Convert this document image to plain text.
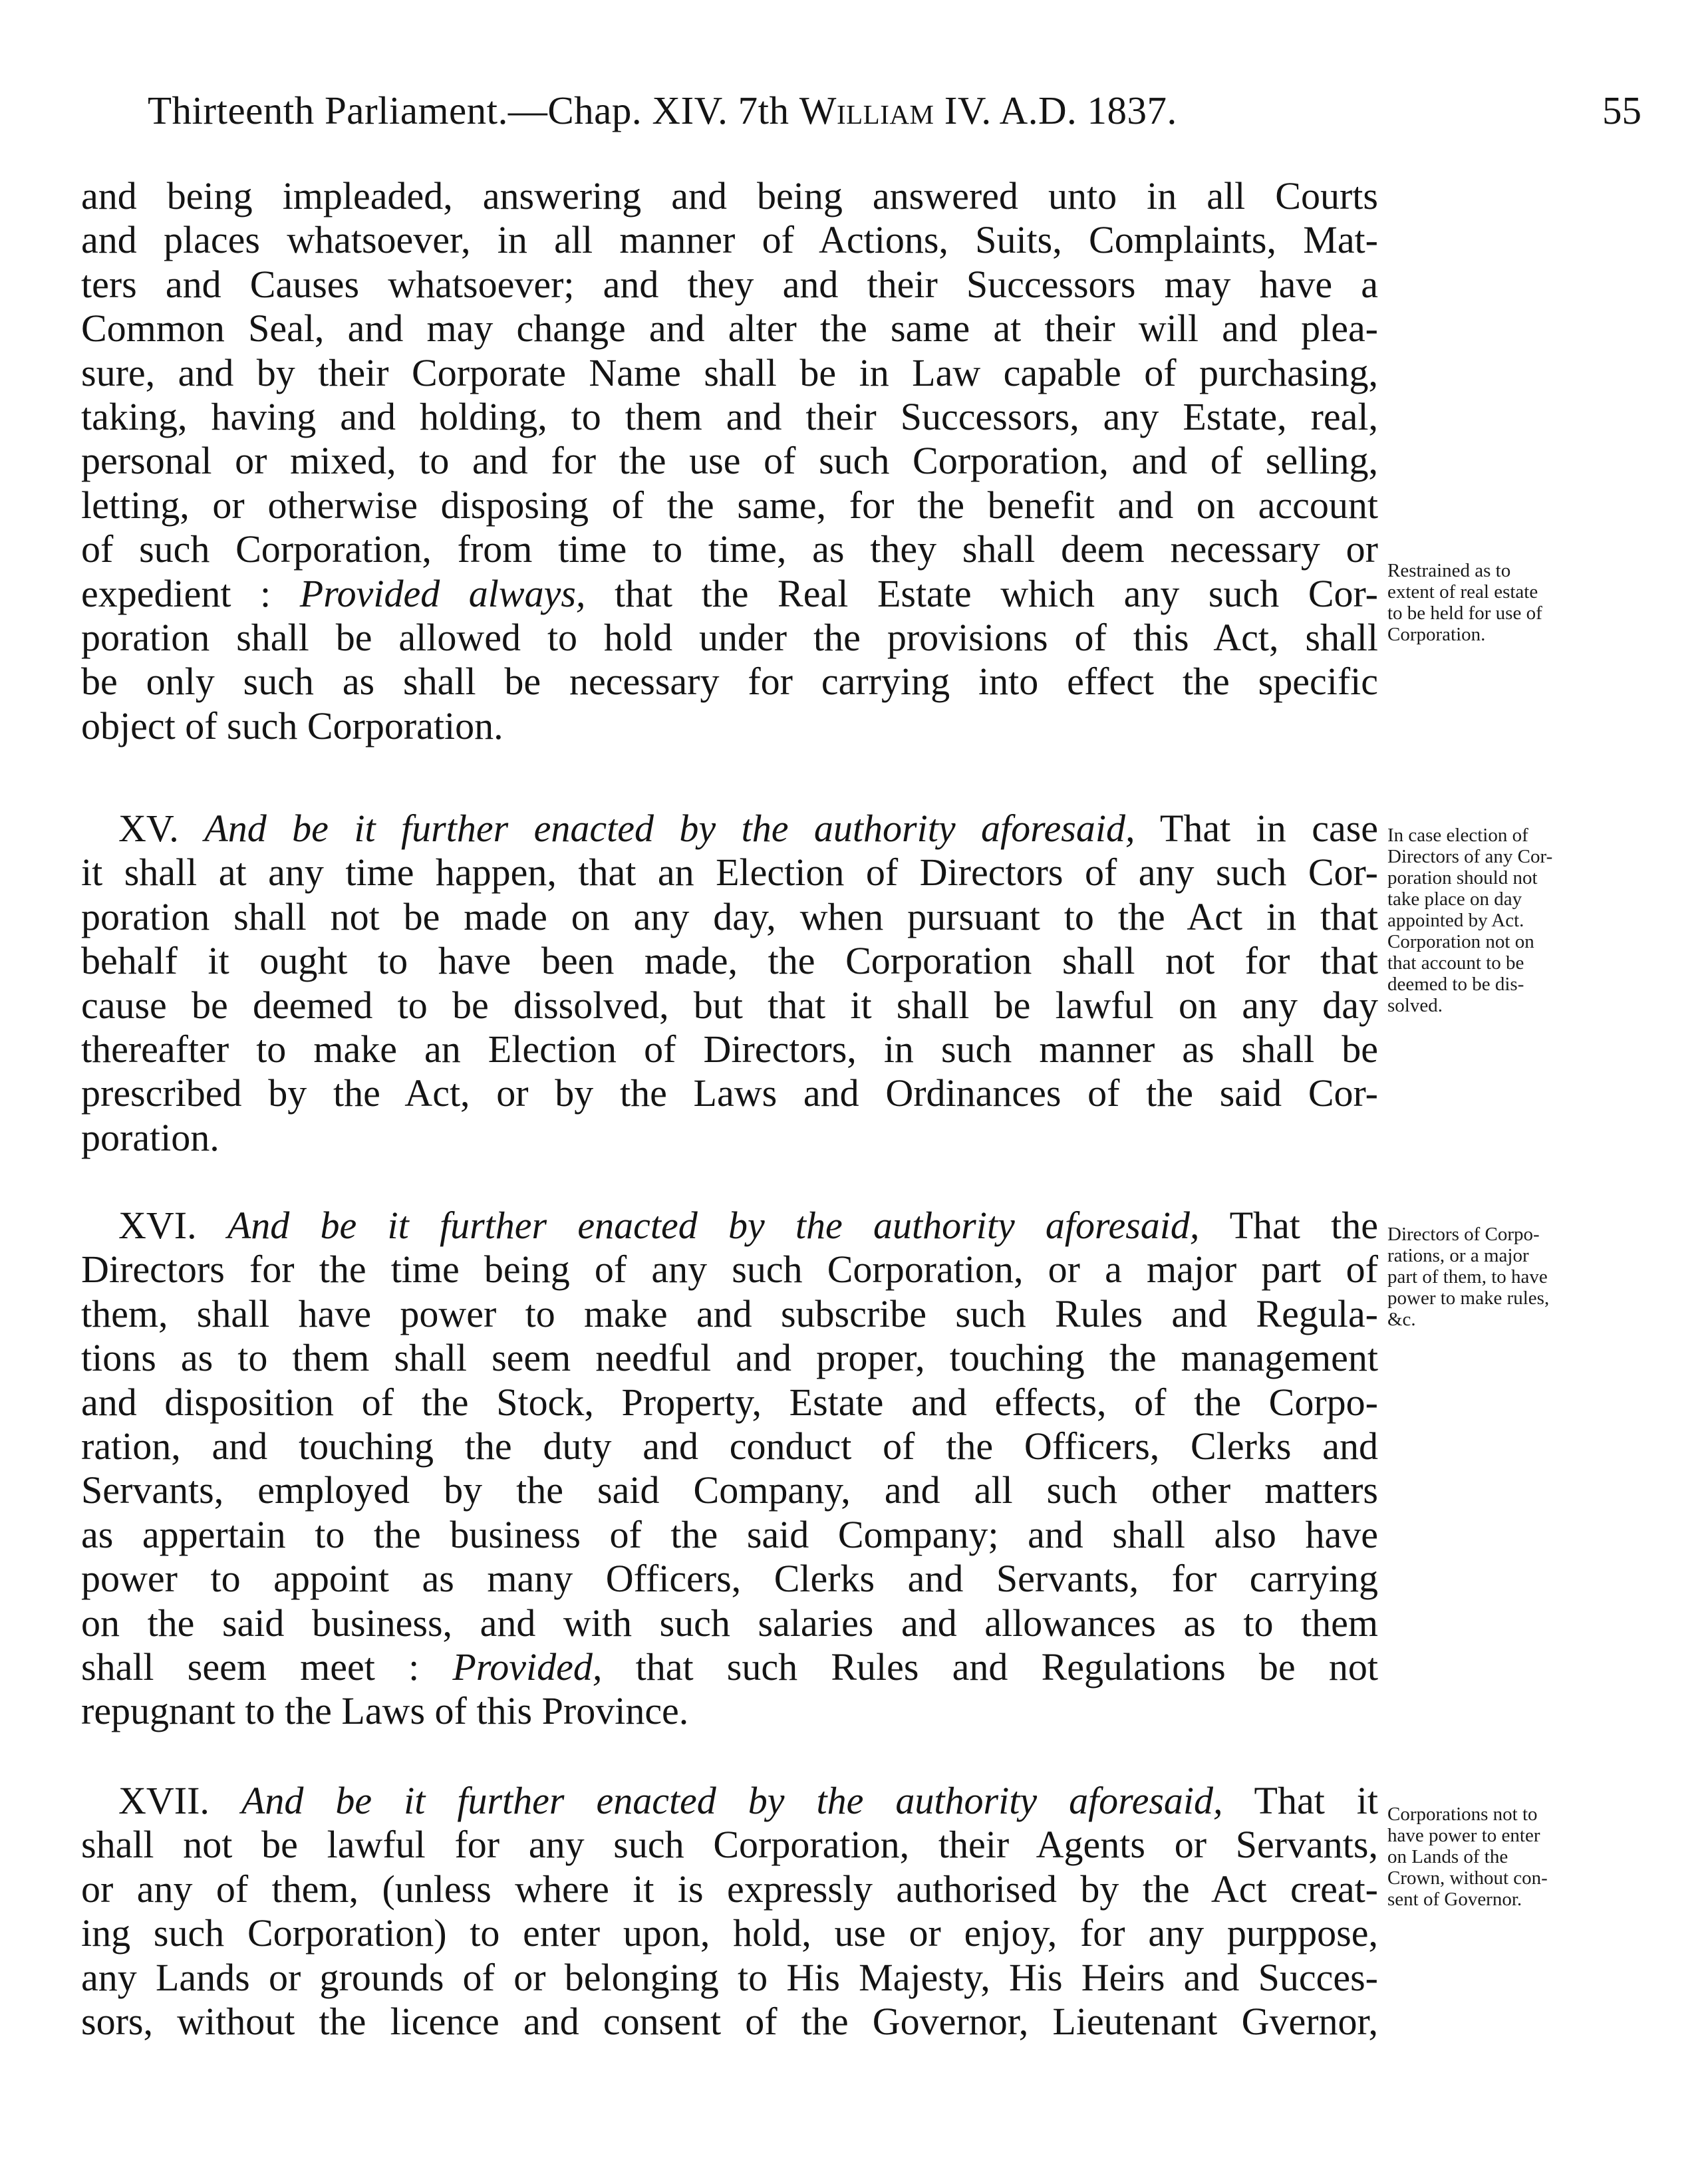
Thirteenth Parliament.—Chap. XIV. 7th William IV. A.D. 1837.	55
and being impleaded, answering and being answered unto in all Courts
and places whatsoever, in all manner of Actions, Suits, Complaints, Mat-
ters and Causes whatsoever; and they and their Successors may have a
Common Seal, and may change and alter the same at their will and plea-
sure, and by their Corporate Name shall be in Law capable of purchasing,
taking, having and holding, to them and their Successors, any Estate, real,
personal or mixed, to and for the use of such Corporation, and of selling,
letting, or otherwise disposing of the same, for the benefit and on account
of such Corporation, from time to time, as they shall deem necessary or
expedient : Provided always, that the Real Estate which any such Cor-
poration shall be allowed to hold under the provisions of this Act, shall
be only such as shall be necessary for carrying into effect the specific
object of such Corporation.
XV. And be it further enacted by the authority aforesaid, That in case
it shall at any time happen, that an Election of Directors of any such Cor-
poration shall not be made on any day, when pursuant to the Act in that
behalf it ought to have been made, the Corporation shall not for that
cause be deemed to be dissolved, but that it shall be lawful on any day
thereafter to make an Election of Directors, in such manner as shall be
prescribed by the Act, or by the Laws and Ordinances of the said Cor-
poration.
XVI. And be it further enacted by the authority aforesaid, That the
Directors for the time being of any such Corporation, or a major part of
them, shall have power to make and subscribe such Rules and Regula-
tions as to them shall seem needful and proper, touching the management
and disposition of the Stock, Property, Estate and effects, of the Corpo-
ration, and touching the duty and conduct of the Officers, Clerks and
Servants, employed by the said Company, and all such other matters
as appertain to the business of the said Company; and shall also have
power to appoint as many Officers, Clerks and Servants, for carrying
on the said business, and with such salaries and allowances as to them
shall seem meet : Provided, that such Rules and Regulations be not
repugnant to the Laws of this Province.
XVII. And be it further enacted by the authority aforesaid, That it
shall not be lawful for any such Corporation, their Agents or Servants,
or any of them, (unless where it is expressly authorised by the Act creat-
ing such Corporation) to enter upon, hold, use or enjoy, for any purppose,
any Lands or grounds of or belonging to His Majesty, His Heirs and Succes-
sors, without the licence and consent of the Governor, Lieutenant Gvernor,
Restrained as to
extent of real estate
to be held for use of
Corporation.
In case election of
Directors of any Cor-
poration should not
take place on day
appointed by Act.
Corporation not on
that account to be
deemed to be dis-
solved.
Directors of Corpo-
rations, or a major
part of them, to have
power to make rules,
&c.
Corporations not to
have power to enter
on Lands of the
Crown, without con-
sent of Governor.
